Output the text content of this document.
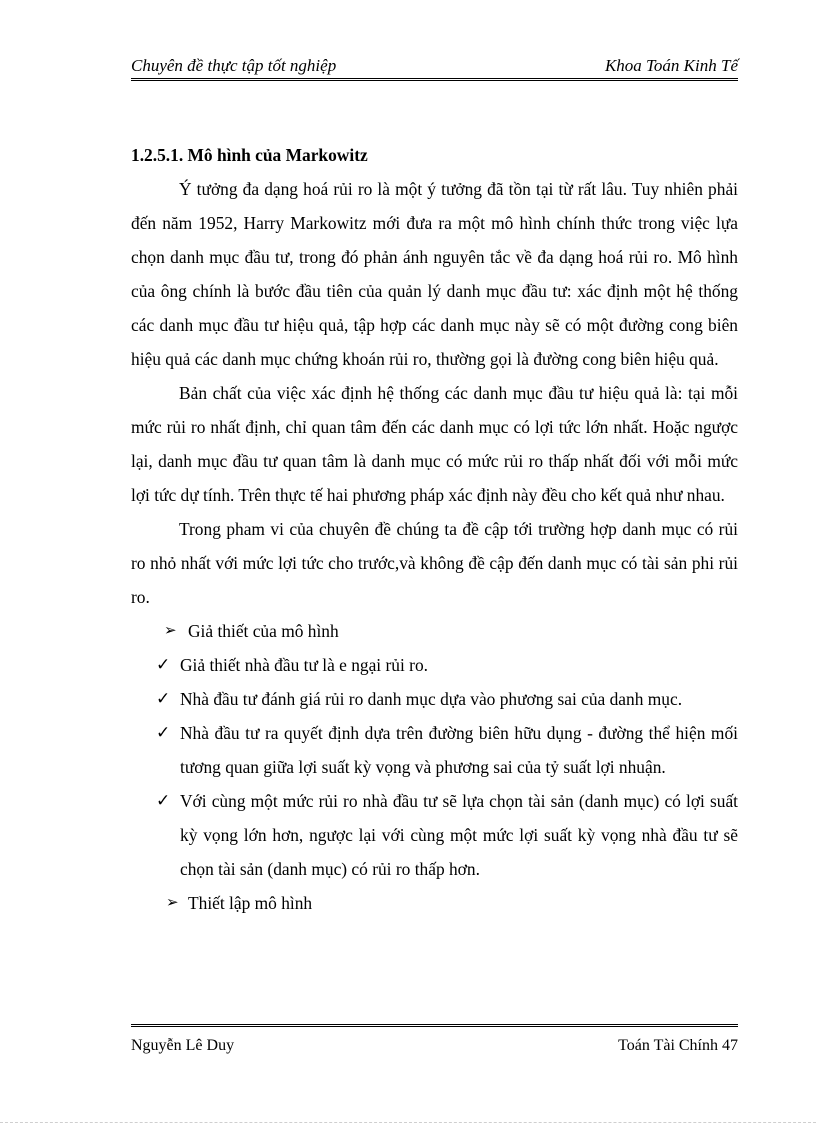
Chuyên đề thực tập tốt nghiệp	Khoa Toán Kinh Tế

1.2.5.1. Mô hình của Markowitz

Ý tưởng đa dạng hoá rủi ro là một ý tưởng đã tồn tại từ rất lâu. Tuy nhiên phải đến năm 1952, Harry Markowitz mới đưa ra một mô hình chính thức trong việc lựa chọn danh mục đầu tư, trong đó phản ánh nguyên tắc về đa dạng hoá rủi ro. Mô hình của ông chính là bước đầu tiên của quản lý danh mục đầu tư: xác định một hệ thống các danh mục đầu tư hiệu quả, tập hợp các danh mục này sẽ có một đường cong biên hiệu quả các danh mục chứng khoán rủi ro, thường gọi là đường cong biên hiệu quả.

Bản chất của việc xác định hệ thống các danh mục đầu tư hiệu quả là: tại mỗi mức rủi ro nhất định, chỉ quan tâm đến các danh mục có lợi tức lớn nhất. Hoặc ngược lại, danh mục đầu tư quan tâm là danh mục có mức rủi ro thấp nhất đối với mỗi mức lợi tức dự tính. Trên thực tế hai phương pháp xác định này đều cho kết quả như nhau.

Trong pham vi của chuyên đề chúng ta đề cập tới trường hợp danh mục có rủi ro nhỏ nhất với mức lợi tức cho trước,và không đề cập đến danh mục có tài sản phi rủi ro.

➢ Giả thiết của mô hình

✓ Giả thiết nhà đầu tư là e ngại rủi ro.

✓ Nhà đầu tư đánh giá rủi ro danh mục dựa vào phương sai của danh mục.

✓ Nhà đầu tư ra quyết định dựa trên đường biên hữu dụng - đường thể hiện mối tương quan giữa lợi suất kỳ vọng và phương sai của tỷ suất lợi nhuận.

✓ Với cùng một mức rủi ro nhà đầu tư sẽ lựa chọn tài sản (danh mục) có lợi suất kỳ vọng lớn hơn, ngược lại với cùng một mức lợi suất kỳ vọng nhà đầu tư sẽ chọn tài sản (danh mục) có rủi ro thấp hơn.

➢ Thiết lập mô hình

Nguyễn Lê Duy	Toán Tài Chính 47
